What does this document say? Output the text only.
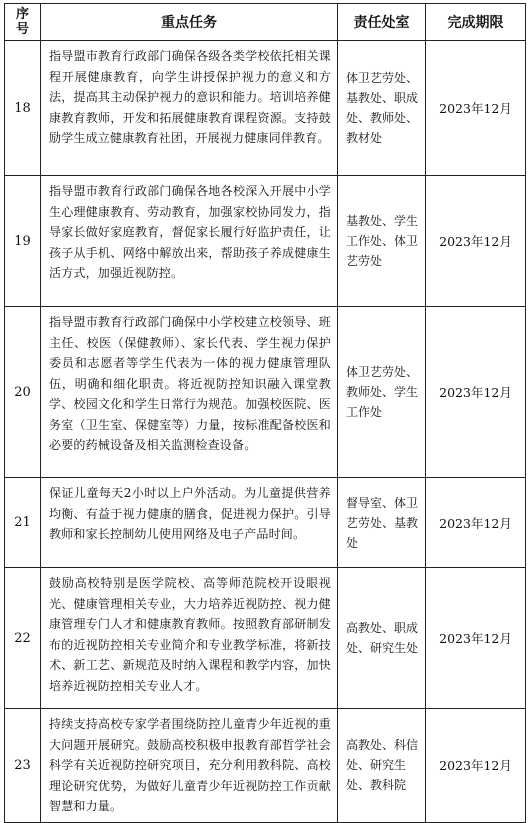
序号	重点任务	责任处室	完成期限
18	指导盟市教育行政部门确保各级各类学校依托相关课程开展健康教育，向学生讲授保护视力的意义和方法，提高其主动保护视力的意识和能力。培训培养健康教育教师，开发和拓展健康教育课程资源。支持鼓励学生成立健康教育社团，开展视力健康同伴教育。	体卫艺劳处、基教处、职成处、教师处、教材处	2023年12月
19	指导盟市教育行政部门确保各地各校深入开展中小学生心理健康教育、劳动教育，加强家校协同发力，指导家长做好家庭教育，督促家长履行好监护责任，让孩子从手机、网络中解放出来，帮助孩子养成健康生活方式，加强近视防控。	基教处、学生工作处、体卫艺劳处	2023年12月
20	指导盟市教育行政部门确保中小学校建立校领导、班主任、校医（保健教师）、家长代表、学生视力保护委员和志愿者等学生代表为一体的视力健康管理队伍，明确和细化职责。将近视防控知识融入课堂教学、校园文化和学生日常行为规范。加强校医院、医务室（卫生室、保健室等）力量，按标准配备校医和必要的药械设备及相关监测检查设备。	体卫艺劳处、教师处、学生工作处	2023年12月
21	保证儿童每天2小时以上户外活动。为儿童提供营养均衡、有益于视力健康的膳食，促进视力保护。引导教师和家长控制幼儿使用网络及电子产品时间。	督导室、体卫艺劳处、基教处	2023年12月
22	鼓励高校特别是医学院校、高等师范院校开设眼视光、健康管理相关专业，大力培养近视防控、视力健康管理专门人才和健康教育教师。按照教育部研制发布的近视防控相关专业简介和专业教学标准，将新技术、新工艺、新规范及时纳入课程和教学内容，加快培养近视防控相关专业人才。	高教处、职成处、研究生处	2023年12月
23	持续支持高校专家学者围绕防控儿童青少年近视的重大问题开展研究。鼓励高校积极申报教育部哲学社会科学有关近视防控研究项目，充分利用教科院、高校理论研究优势，为做好儿童青少年近视防控工作贡献智慧和力量。	高教处、科信处、研究生处、教科院	2023年12月
